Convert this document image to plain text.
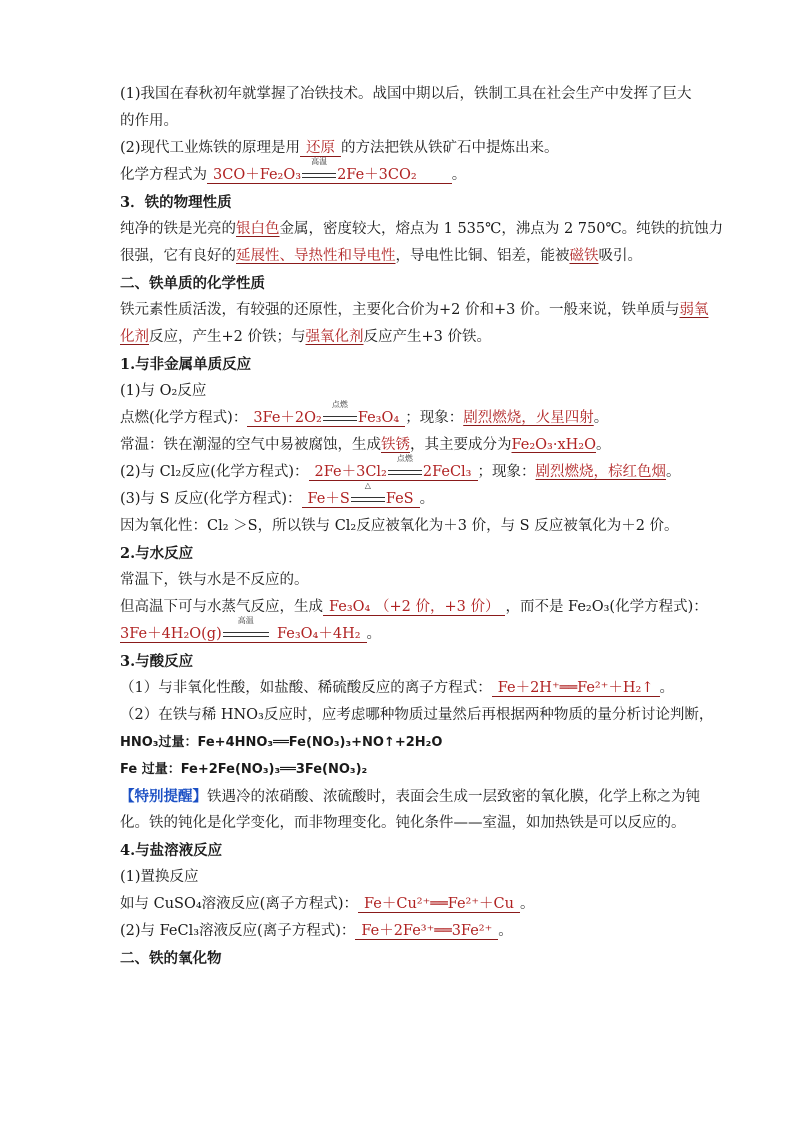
(1)我国在春秋初年就掌握了冶铁技术。战国中期以后，铁制工具在社会生产中发挥了巨大
的作用。
(2)现代工业炼铁的原理是用 还原 的方法把铁从铁矿石中提炼出来。
化学方程式为 3CO＋Fe₂O₃
高温
2Fe＋3CO₂   。
3．铁的物理性质
纯净的铁是光亮的银白色金属，密度较大，熔点为 1 535℃，沸点为 2 750℃。纯铁的抗蚀力
很强，它有良好的延展性、导热性和导电性，导电性比铜、铝差，能被磁铁吸引。
二、铁单质的化学性质
铁元素性质活泼，有较强的还原性，主要化合价为+2 价和+3 价。一般来说，铁单质与弱氧
化剂反应，产生+2 价铁；与强氧化剂反应产生+3 价铁。
1.与非金属单质反应
(1)与 O₂反应
点燃(化学方程式)： 3Fe＋2O₂
点燃
Fe₃O₄ ；现象：剧烈燃烧，火星四射。
常温：铁在潮湿的空气中易被腐蚀，生成铁锈，其主要成分为Fe₂O₃·xH₂O。
(2)与 Cl₂反应(化学方程式)： 2Fe＋3Cl₂
点燃
2FeCl₃ ；现象：剧烈燃烧，棕红色烟。
(3)与 S 反应(化学方程式)： Fe＋S
△
FeS 。
因为氧化性：Cl₂ ＞S，所以铁与 Cl₂反应被氧化为＋3 价，与 S 反应被氧化为＋2 价。
2.与水反应
常温下，铁与水是不反应的。
但高温下可与水蒸气反应，生成 Fe₃O₄ （+2 价，+3 价） ，而不是 Fe₂O₃(化学方程式)：
3Fe＋4H₂O(g)
高温
 Fe₃O₄＋4H₂ 。
3.与酸反应
（1）与非氧化性酸，如盐酸、稀硫酸反应的离子方程式： Fe＋2H⁺══Fe²⁺＋H₂↑ 。
（2）在铁与稀 HNO₃反应时，应考虑哪种物质过量然后再根据两种物质的量分析讨论判断，
HNO₃过量：Fe+4HNO₃══Fe(NO₃)₃+NO↑+2H₂O
Fe 过量：Fe+2Fe(NO₃)₃══3Fe(NO₃)₂
【特别提醒】铁遇冷的浓硝酸、浓硫酸时，表面会生成一层致密的氧化膜，化学上称之为钝
化。铁的钝化是化学变化，而非物理变化。钝化条件——室温，如加热铁是可以反应的。
4.与盐溶液反应
(1)置换反应
如与 CuSO₄溶液反应(离子方程式)： Fe＋Cu²⁺══Fe²⁺＋Cu 。
(2)与 FeCl₃溶液反应(离子方程式)： Fe＋2Fe³⁺══3Fe²⁺ 。
二、铁的氧化物
